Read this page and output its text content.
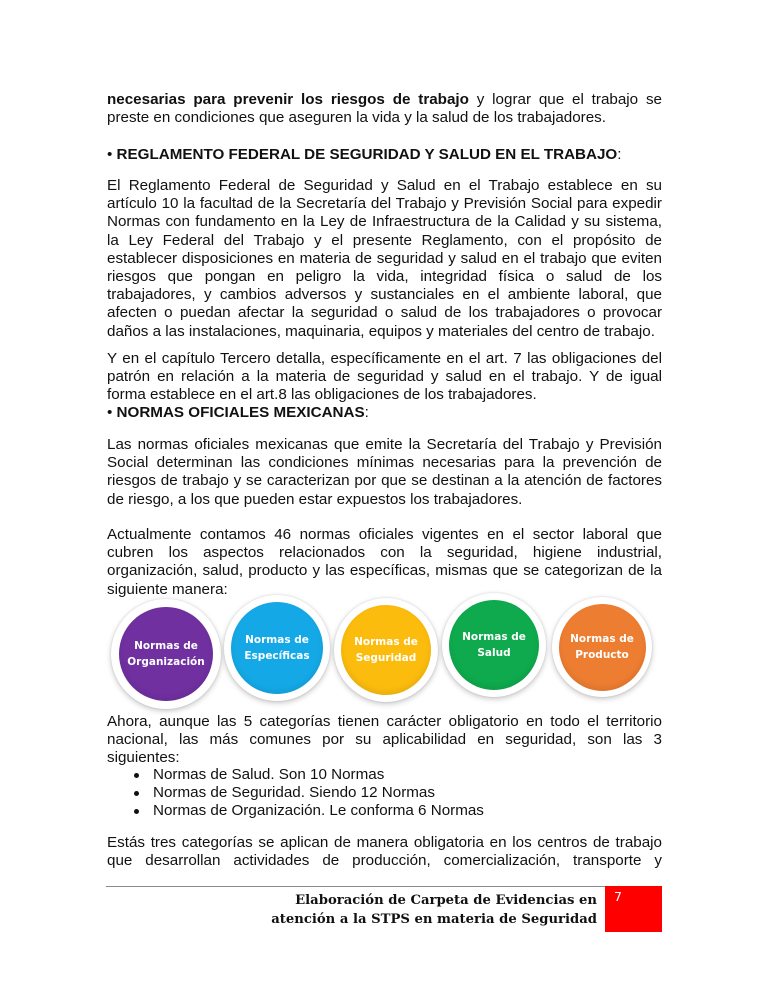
necesarias para prevenir los riesgos de trabajo y lograr que el trabajo se preste en condiciones que aseguren la vida y la salud de los trabajadores.

• REGLAMENTO FEDERAL DE SEGURIDAD Y SALUD EN EL TRABAJO:

El Reglamento Federal de Seguridad y Salud en el Trabajo establece en su artículo 10 la facultad de la Secretaría del Trabajo y Previsión Social para expedir Normas con fundamento en la Ley de Infraestructura de la Calidad y su sistema, la Ley Federal del Trabajo y el presente Reglamento, con el propósito de establecer disposiciones en materia de seguridad y salud en el trabajo que eviten riesgos que pongan en peligro la vida, integridad física o salud de los trabajadores, y cambios adversos y sustanciales en el ambiente laboral, que afecten o puedan afectar la seguridad o salud de los trabajadores o provocar daños a las instalaciones, maquinaria, equipos y materiales del centro de trabajo.

Y en el capítulo Tercero detalla, específicamente en el art. 7 las obligaciones del patrón en relación a la materia de seguridad y salud en el trabajo. Y de igual forma establece en el art.8 las obligaciones de los trabajadores.

• NORMAS OFICIALES MEXICANAS:

Las normas oficiales mexicanas que emite la Secretaría del Trabajo y Previsión Social determinan las condiciones mínimas necesarias para la prevención de riesgos de trabajo y se caracterizan por que se destinan a la atención de factores de riesgo, a los que pueden estar expuestos los trabajadores.

Actualmente contamos 46 normas oficiales vigentes en el sector laboral que cubren los aspectos relacionados con la seguridad, higiene industrial, organización, salud, producto y las específicas, mismas que se categorizan de la siguiente manera:

Normas de
Organización
Normas de
Específicas
Normas de
Seguridad
Normas de
Salud
Normas de
Producto

Ahora, aunque las 5 categorías tienen carácter obligatorio en todo el territorio nacional, las más comunes por su aplicabilidad en seguridad, son las 3 siguientes:

Normas de Salud. Son 10 Normas
Normas de Seguridad. Siendo 12 Normas
Normas de Organización. Le conforma 6 Normas

Estás tres categorías se aplican de manera obligatoria en los centros de trabajo que desarrollan actividades de producción, comercialización, transporte y

Elaboración de Carpeta de Evidencias en
atención a la STPS en materia de Seguridad
7
